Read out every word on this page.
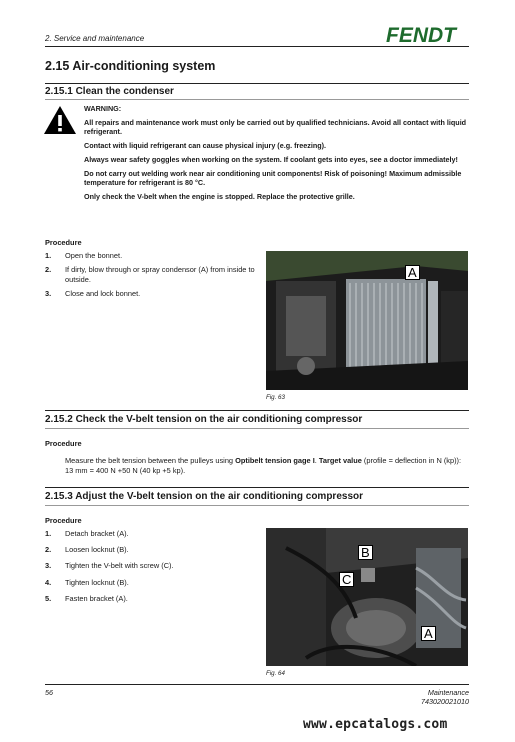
2. Service and maintenance	FENDT
2.15 Air-conditioning system
2.15.1 Clean the condenser

WARNING:

All repairs and maintenance work must only be carried out by qualified technicians. Avoid all contact with liquid refrigerant.

Contact with liquid refrigerant can cause physical injury (e.g. freezing).

Always wear safety goggles when working on the system. If coolant gets into eyes, see a doctor immediately!

Do not carry out welding work near air conditioning unit components! Risk of poisoning! Maximum admissible temperature for refrigerant is 80 °C.

Only check the V-belt when the engine is stopped. Replace the protective grille.

Procedure
1.	Open the bonnet.
2.	If dirty, blow through or spray condensor (A) from inside to outside.
3.	Close and lock bonnet.
A
Fig. 63
2.15.2 Check the V-belt tension on the air conditioning compressor
Procedure
Measure the belt tension between the pulleys using Optibelt tension gage I. Target value (profile = deflection in N (kp)): 13 mm = 400 N +50 N (40 kp +5 kp).
2.15.3 Adjust the V-belt tension on the air conditioning compressor
Procedure
1.	Detach bracket (A).
2.	Loosen locknut (B).
3.	Tighten the V-belt with screw (C).
4.	Tighten locknut (B).
5.	Fasten bracket (A).
B
C
A
Fig. 64
56	Maintenance
743020021010
www.epcatalogs.com
